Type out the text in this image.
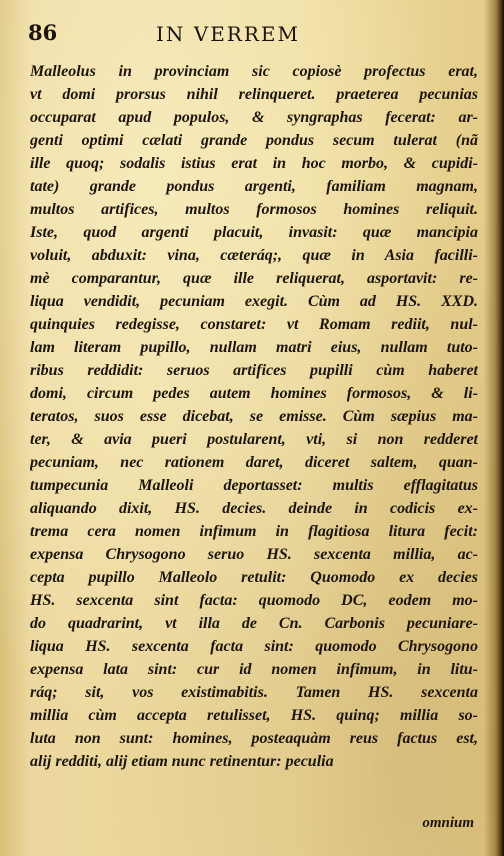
86	IN VERREM
Malleolus in provinciam sic copiosè profectus erat,
vt domi prorsus nihil relinqueret. praeterea pecunias
occuparat apud populos, & syngraphas fecerat: ar-
genti optimi cælati grande pondus secum tulerat (nã
ille quoq; sodalis istius erat in hoc morbo, & cupidi-
tate) grande pondus argenti, familiam magnam,
multos artifices, multos formosos homines reliquit.
Iste, quod argenti placuit, invasit: quæ mancipia
voluit, abduxit: vina, cæteráq;, quæ in Asia facilli-
mè comparantur, quæ ille reliquerat, asportavit: re-
liqua vendidit, pecuniam exegit. Cùm ad HS. XXD.
quinquies redegisse, constaret: vt Romam rediit, nul-
lam literam pupillo, nullam matri eius, nullam tuto-
ribus reddidit: seruos artifices pupilli cùm haberet
domi, circum pedes autem homines formosos, & li-
teratos, suos esse dicebat, se emisse. Cùm sæpius ma-
ter, & avia pueri postularent, vti, si non redderet
pecuniam, nec rationem daret, diceret saltem, quan-
tumpecunia Malleoli deportasset: multis efflagitatus
aliquando dixit, HS. decies. deinde in codicis ex-
trema cera nomen infimum in flagitiosa litura fecit:
expensa Chrysogono seruo HS. sexcenta millia, ac-
cepta pupillo Malleolo retulit: Quomodo ex decies
HS. sexcenta sint facta: quomodo DC, eodem mo-
do quadrarint, vt illa de Cn. Carbonis pecuniare-
liqua HS. sexcenta facta sint: quomodo Chrysogono
expensa lata sint: cur id nomen infimum, in litu-
ráq; sit, vos existimabitis. Tamen HS. sexcenta
millia cùm accepta retulisset, HS. quinq; millia so-
luta non sunt: homines, posteaquàm reus factus est,
alij redditi, alij etiam nunc retinentur: peculia
omnium
